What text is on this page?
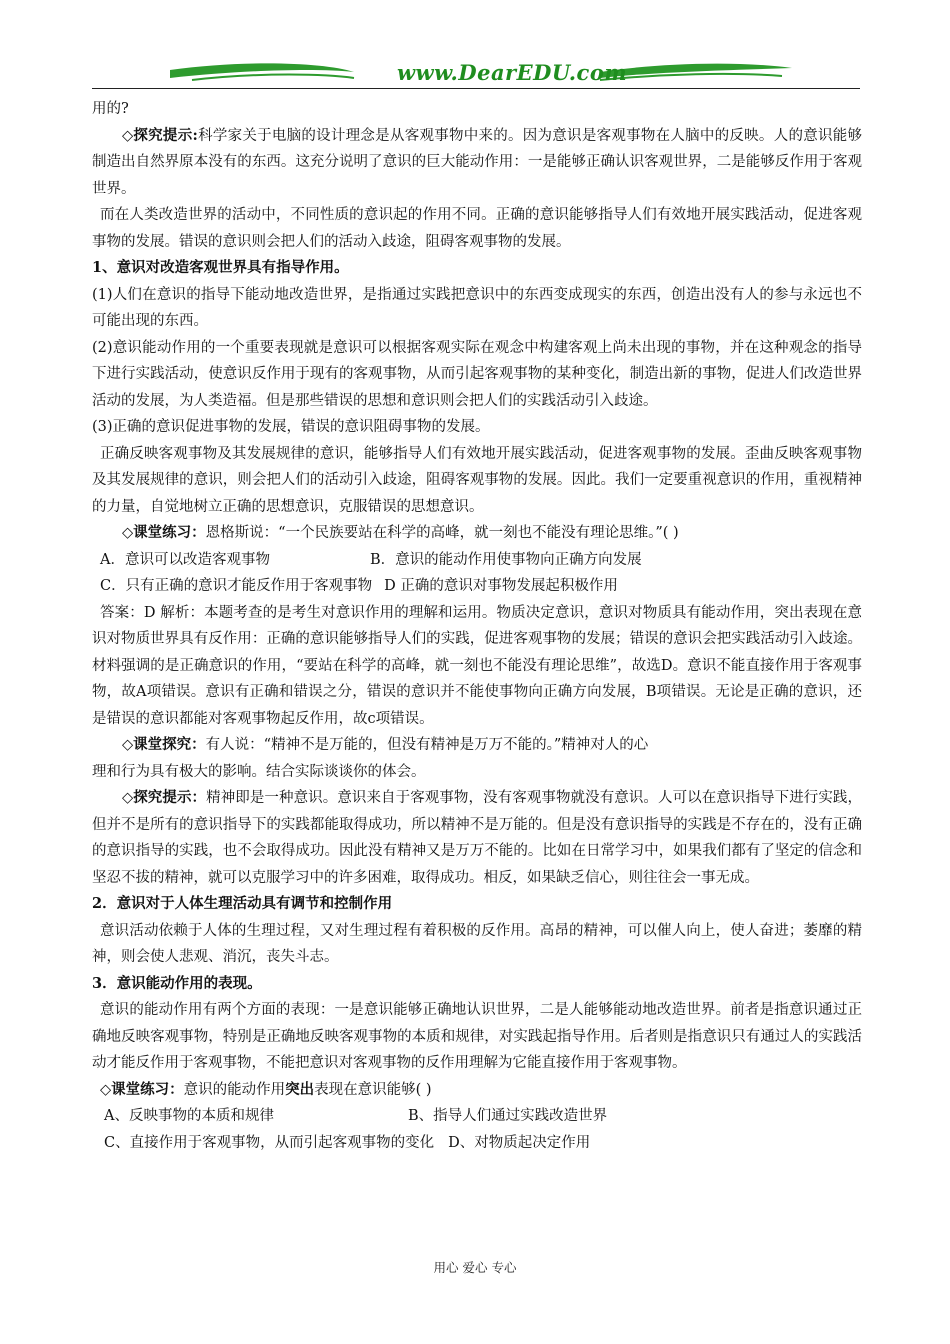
www.DearEDU.com

用的?

◇探究提示:科学家关于电脑的设计理念是从客观事物中来的。因为意识是客观事物在人脑中的反映。人的意识能够制造出自然界原本没有的东西。这充分说明了意识的巨大能动作用：一是能够正确认识客观世界，二是能够反作用于客观世界。

而在人类改造世界的活动中，不同性质的意识起的作用不同。正确的意识能够指导人们有效地开展实践活动，促进客观事物的发展。错误的意识则会把人们的活动入歧途，阻碍客观事物的发展。

1、意识对改造客观世界具有指导作用。

(1)人们在意识的指导下能动地改造世界，是指通过实践把意识中的东西变成现实的东西，创造出没有人的参与永远也不可能出现的东西。

(2)意识能动作用的一个重要表现就是意识可以根据客观实际在观念中构建客观上尚未出现的事物，并在这种观念的指导下进行实践活动，使意识反作用于现有的客观事物，从而引起客观事物的某种变化，制造出新的事物，促进人们改造世界活动的发展，为人类造福。但是那些错误的思想和意识则会把人们的实践活动引入歧途。

(3)正确的意识促进事物的发展，错误的意识阻碍事物的发展。

正确反映客观事物及其发展规律的意识，能够指导人们有效地开展实践活动，促进客观事物的发展。歪曲反映客观事物及其发展规律的意识，则会把人们的活动引入歧途，阻碍客观事物的发展。因此。我们一定要重视意识的作用，重视精神的力量，自觉地树立正确的思想意识，克服错误的思想意识。

◇课堂练习：恩格斯说：“一个民族要站在科学的高峰，就一刻也不能没有理论思维。”( )

A．意识可以改造客观事物	B．意识的能动作用使事物向正确方向发展
C．只有正确的意识才能反作用于客观事物 D 正确的意识对事物发展起积极作用

答案：D 解析：本题考查的是考生对意识作用的理解和运用。物质决定意识，意识对物质具有能动作用，突出表现在意识对物质世界具有反作用：正确的意识能够指导人们的实践，促进客观事物的发展；错误的意识会把实践活动引入歧途。材料强调的是正确意识的作用，“要站在科学的高峰，就一刻也不能没有理论思维”，故选D。意识不能直接作用于客观事物，故A项错误。意识有正确和错误之分，错误的意识并不能使事物向正确方向发展，B项错误。无论是正确的意识，还是错误的意识都能对客观事物起反作用，故c项错误。

◇课堂探究：有人说：“精神不是万能的，但没有精神是万万不能的。”精神对人的心

理和行为具有极大的影响。结合实际谈谈你的体会。

◇探究提示：精神即是一种意识。意识来自于客观事物，没有客观事物就没有意识。人可以在意识指导下进行实践，但并不是所有的意识指导下的实践都能取得成功，所以精神不是万能的。但是没有意识指导的实践是不存在的，没有正确的意识指导的实践，也不会取得成功。因此没有精神又是万万不能的。比如在日常学习中，如果我们都有了坚定的信念和坚忍不拔的精神，就可以克服学习中的许多困难，取得成功。相反，如果缺乏信心，则往往会一事无成。

2．意识对于人体生理活动具有调节和控制作用

意识活动依赖于人体的生理过程，又对生理过程有着积极的反作用。高昂的精神，可以催人向上，使人奋进；萎靡的精神，则会使人悲观、消沉，丧失斗志。

3．意识能动作用的表现。

意识的能动作用有两个方面的表现：一是意识能够正确地认识世界，二是人能够能动地改造世界。前者是指意识通过正确地反映客观事物，特别是正确地反映客观事物的本质和规律，对实践起指导作用。后者则是指意识只有通过人的实践活动才能反作用于客观事物，不能把意识对客观事物的反作用理解为它能直接作用于客观事物。

◇课堂练习：意识的能动作用突出表现在意识能够( )

A、反映事物的本质和规律	B、指导人们通过实践改造世界
C、直接作用于客观事物，从而引起客观事物的变化 D、对物质起决定作用
用心 爱心 专心
